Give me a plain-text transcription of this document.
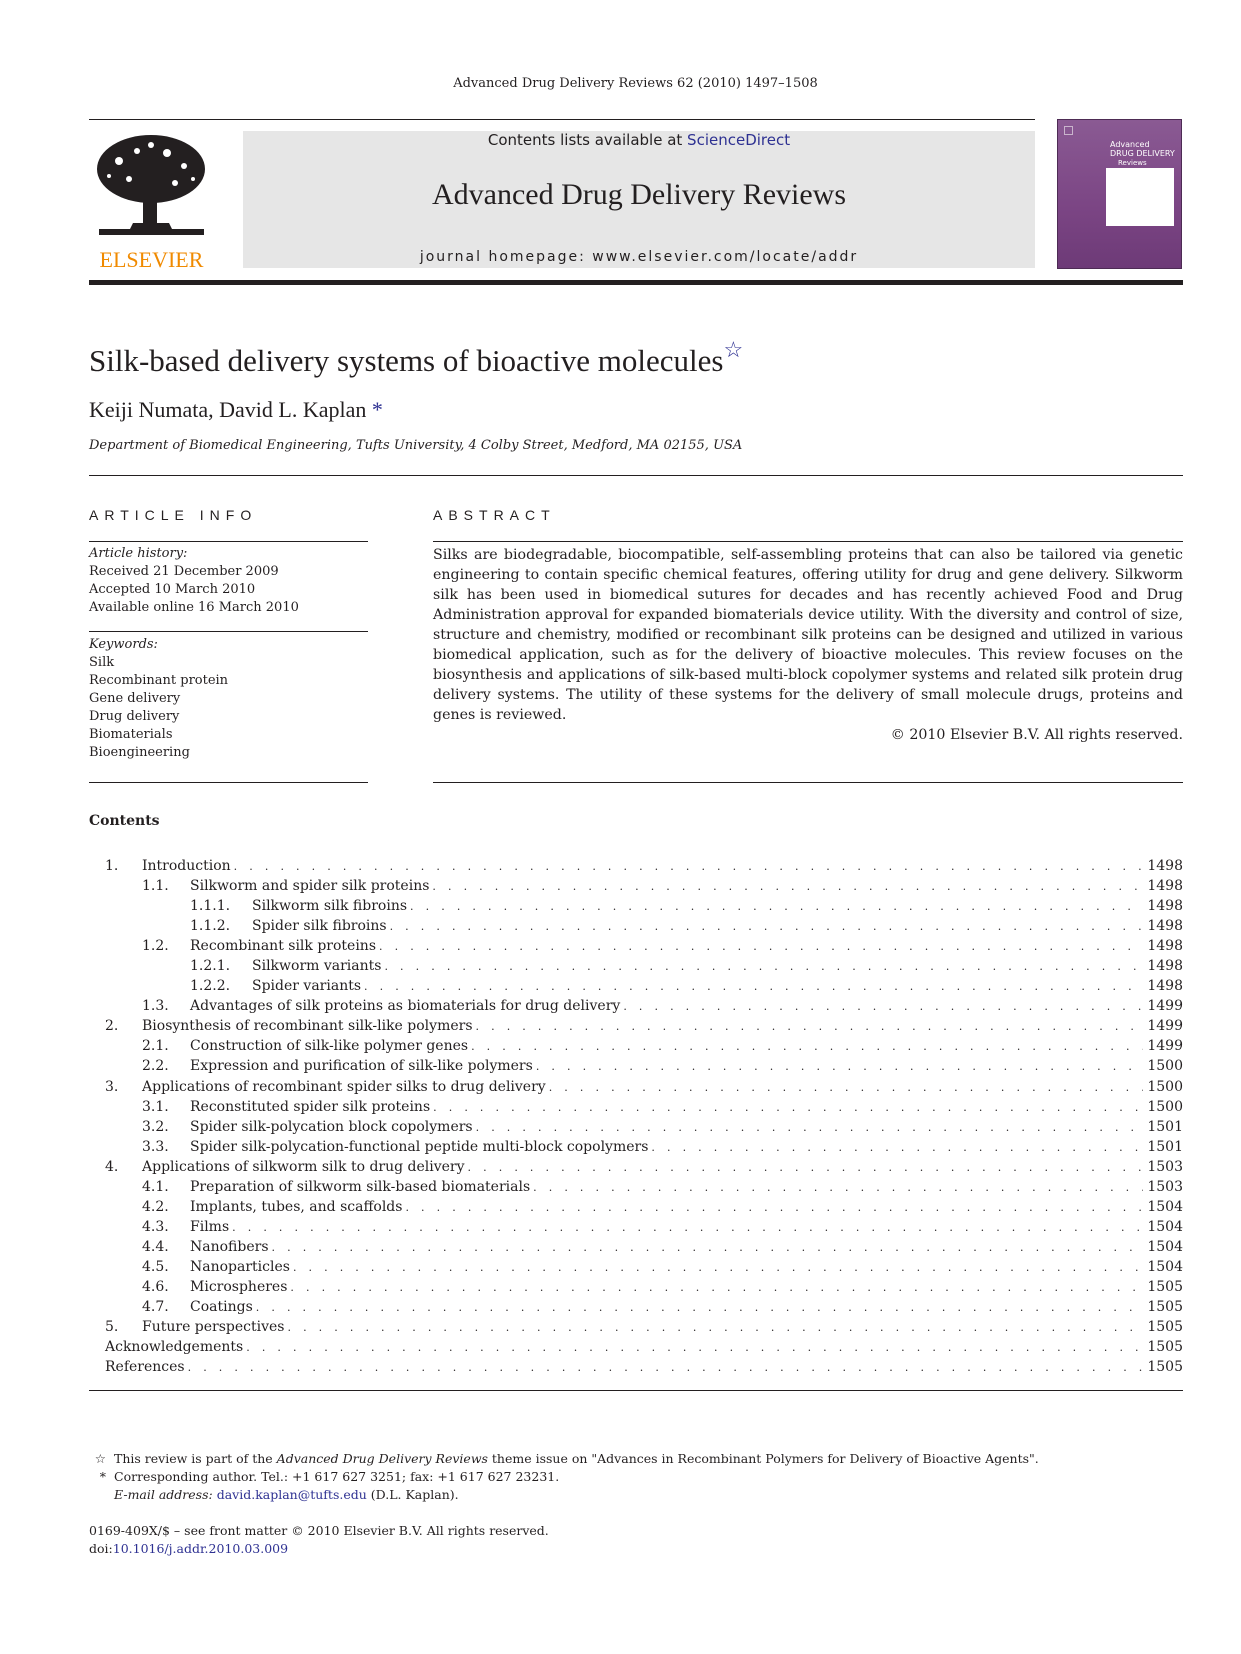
Advanced Drug Delivery Reviews 62 (2010) 1497–1508
ELSEVIER
Contents lists available at ScienceDirect
Advanced Drug Delivery Reviews
journal homepage: www.elsevier.com/locate/addr
Advanced
DRUG DELIVERY
Reviews
Silk-based delivery systems of bioactive molecules☆
Keiji Numata, David L. Kaplan *
Department of Biomedical Engineering, Tufts University, 4 Colby Street, Medford, MA 02155, USA
ARTICLE INFO
Article history:
Received 21 December 2009
Accepted 10 March 2010
Available online 16 March 2010
Keywords:
Silk
Recombinant protein
Gene delivery
Drug delivery
Biomaterials
Bioengineering
ABSTRACT
Silks are biodegradable, biocompatible, self-assembling proteins that can also be tailored via genetic engineering to contain specific chemical features, offering utility for drug and gene delivery. Silkworm silk has been used in biomedical sutures for decades and has recently achieved Food and Drug Administration approval for expanded biomaterials device utility. With the diversity and control of size, structure and chemistry, modified or recombinant silk proteins can be designed and utilized in various biomedical application, such as for the delivery of bioactive molecules. This review focuses on the biosynthesis and applications of silk-based multi-block copolymer systems and related silk protein drug delivery systems. The utility of these systems for the delivery of small molecule drugs, proteins and genes is reviewed.
© 2010 Elsevier B.V. All rights reserved.
Contents
1.	Introduction . . .	1498
1.1.	Silkworm and spider silk proteins . . .	1498
1.1.1.	Silkworm silk fibroins . . .	1498
1.1.2.	Spider silk fibroins . . .	1498
1.2.	Recombinant silk proteins . . .	1498
1.2.1.	Silkworm variants . . .	1498
1.2.2.	Spider variants . . .	1498
1.3.	Advantages of silk proteins as biomaterials for drug delivery . . .	1499
2.	Biosynthesis of recombinant silk-like polymers . . .	1499
2.1.	Construction of silk-like polymer genes . . .	1499
2.2.	Expression and purification of silk-like polymers . . .	1500
3.	Applications of recombinant spider silks to drug delivery . . .	1500
3.1.	Reconstituted spider silk proteins . . .	1500
3.2.	Spider silk-polycation block copolymers . . .	1501
3.3.	Spider silk-polycation-functional peptide multi-block copolymers . . .	1501
4.	Applications of silkworm silk to drug delivery . . .	1503
4.1.	Preparation of silkworm silk-based biomaterials . . .	1503
4.2.	Implants, tubes, and scaffolds . . .	1504
4.3.	Films . . .	1504
4.4.	Nanofibers . . .	1504
4.5.	Nanoparticles . . .	1504
4.6.	Microspheres . . .	1505
4.7.	Coatings . . .	1505
5.	Future perspectives . . .	1505
Acknowledgements . . .	1505
References . . .	1505
☆ This review is part of the Advanced Drug Delivery Reviews theme issue on "Advances in Recombinant Polymers for Delivery of Bioactive Agents".
* Corresponding author. Tel.: +1 617 627 3251; fax: +1 617 627 23231.
E-mail address: david.kaplan@tufts.edu (D.L. Kaplan).
0169-409X/$ – see front matter © 2010 Elsevier B.V. All rights reserved.
doi:10.1016/j.addr.2010.03.009
